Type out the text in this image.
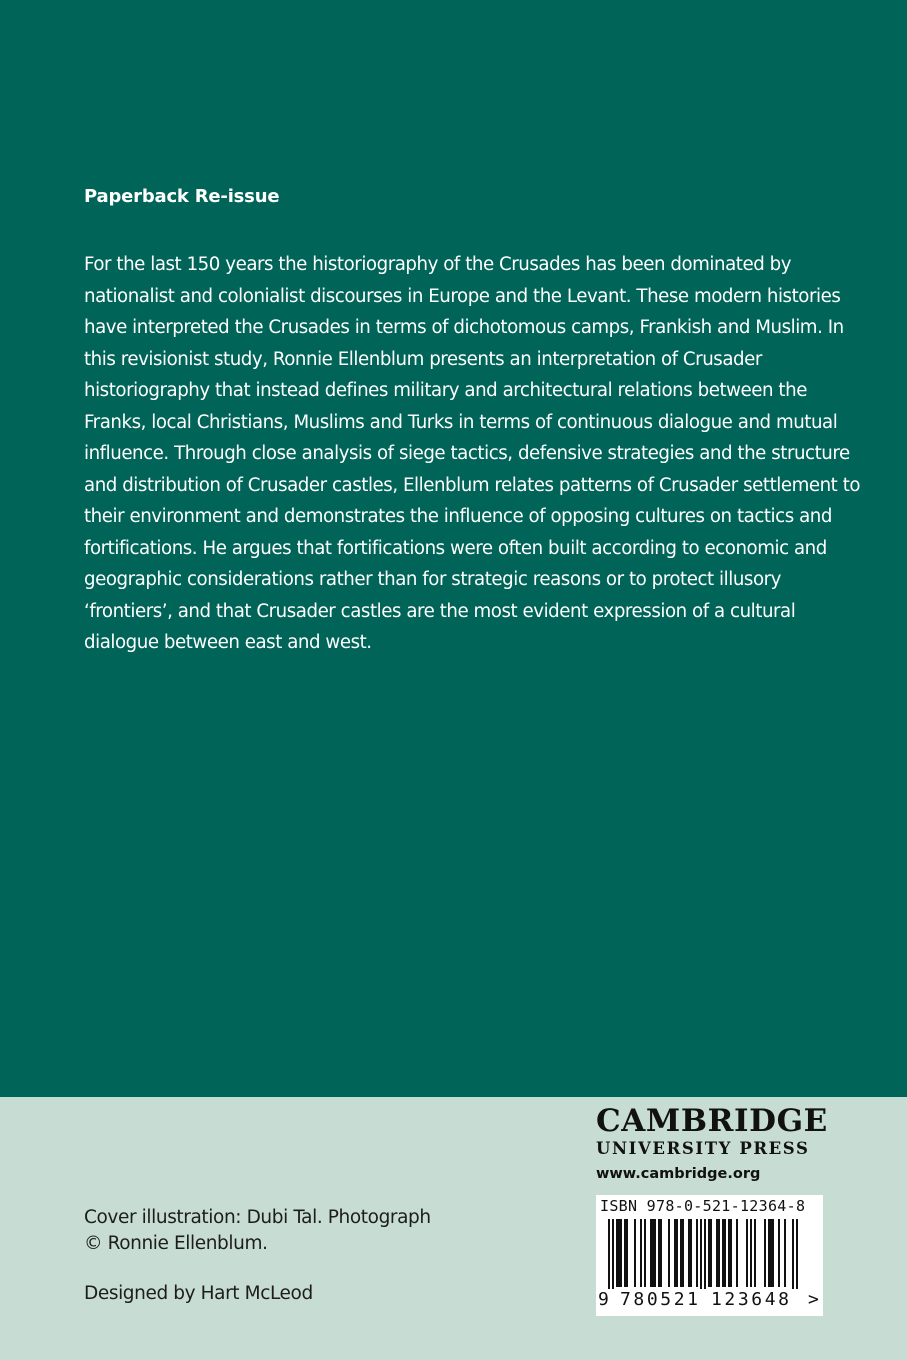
Paperback Re-issue
For the last 150 years the historiography of the Crusades has been dominated by
nationalist and colonialist discourses in Europe and the Levant. These modern histories
have interpreted the Crusades in terms of dichotomous camps, Frankish and Muslim. In
this revisionist study, Ronnie Ellenblum presents an interpretation of Crusader
historiography that instead defines military and architectural relations between the
Franks, local Christians, Muslims and Turks in terms of continuous dialogue and mutual
influence. Through close analysis of siege tactics, defensive strategies and the structure
and distribution of Crusader castles, Ellenblum relates patterns of Crusader settlement to
their environment and demonstrates the influence of opposing cultures on tactics and
fortifications. He argues that fortifications were often built according to economic and
geographic considerations rather than for strategic reasons or to protect illusory
‘frontiers’, and that Crusader castles are the most evident expression of a cultural
dialogue between east and west.
Cover illustration: Dubi Tal. Photograph
© Ronnie Ellenblum.
Designed by Hart McLeod
CAMBRIDGE
UNIVERSITY PRESS
www.cambridge.org
ISBN 978-0-521-12364-8
9 780521 123648 >
